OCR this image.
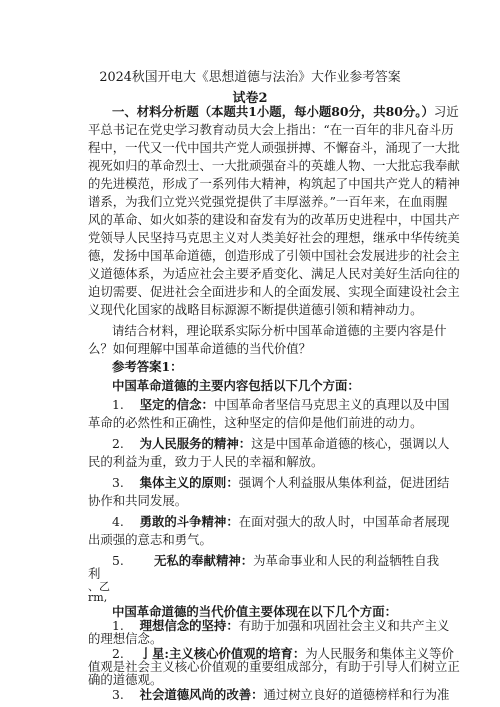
2024秋国开电大《思想道德与法治》大作业参考答案
试卷2
一、材料分析题（本题共1小题，每小题80分，共80分。）习近
平总书记在党史学习教育动员大会上指出：“在一百年的非凡奋斗历
程中，一代又一代中国共产党人顽强拼搏、不懈奋斗，涌现了一大批
视死如归的革命烈士、一大批顽强奋斗的英雄人物、一大批忘我奉献
的先进模范，形成了一系列伟大精神，构筑起了中国共产党人的精神
谱系，为我们立党兴党强党提供了丰厚滋养。”一百年来，在血雨腥
风的革命、如火如荼的建设和奋发有为的改革历史进程中，中国共产
党领导人民坚持马克思主义对人类美好社会的理想，继承中华传统美
德，发扬中国革命道德，创造形成了引领中国社会发展进步的社会主
义道德体系，为适应社会主要矛盾变化、满足人民对美好生活向往的
迫切需要、促进社会全面进步和人的全面发展、实现全面建设社会主
义现代化国家的战略目标源源不断提供道德引领和精神动力。
请结合材料，理论联系实际分析中国革命道德的主要内容是什
么？如何理解中国革命道德的当代价值？
参考答案1：
中国革命道德的主要内容包括以下几个方面：
1. 坚定的信念：中国革命者坚信马克思主义的真理以及中国
革命的必然性和正确性，这种坚定的信仰是他们前进的动力。
2. 为人民服务的精神：这是中国革命道德的核心，强调以人
民的利益为重，致力于人民的幸福和解放。
3. 集体主义的原则：强调个人利益服从集体利益，促进团结
协作和共同发展。
4. 勇敢的斗争精神：在面对强大的敌人时，中国革命者展现
出顽强的意志和勇气。
5. 无私的奉献精神：为革命事业和人民的利益牺牲自我
利
、乙
rm,
中国革命道德的当代价值主要体现在以下几个方面：
1. 理想信念的坚持：有助于加强和巩固社会主义和共产主义
的理想信念。
2. 亅星:主义核心价值观的培育：为人民服务和集体主义等价
值观是社会主义核心价值观的重要组成部分，有助于引导人们树立正
确的道德观。
3. 社会道德风尚的改善：通过树立良好的道德榜样和行为准
